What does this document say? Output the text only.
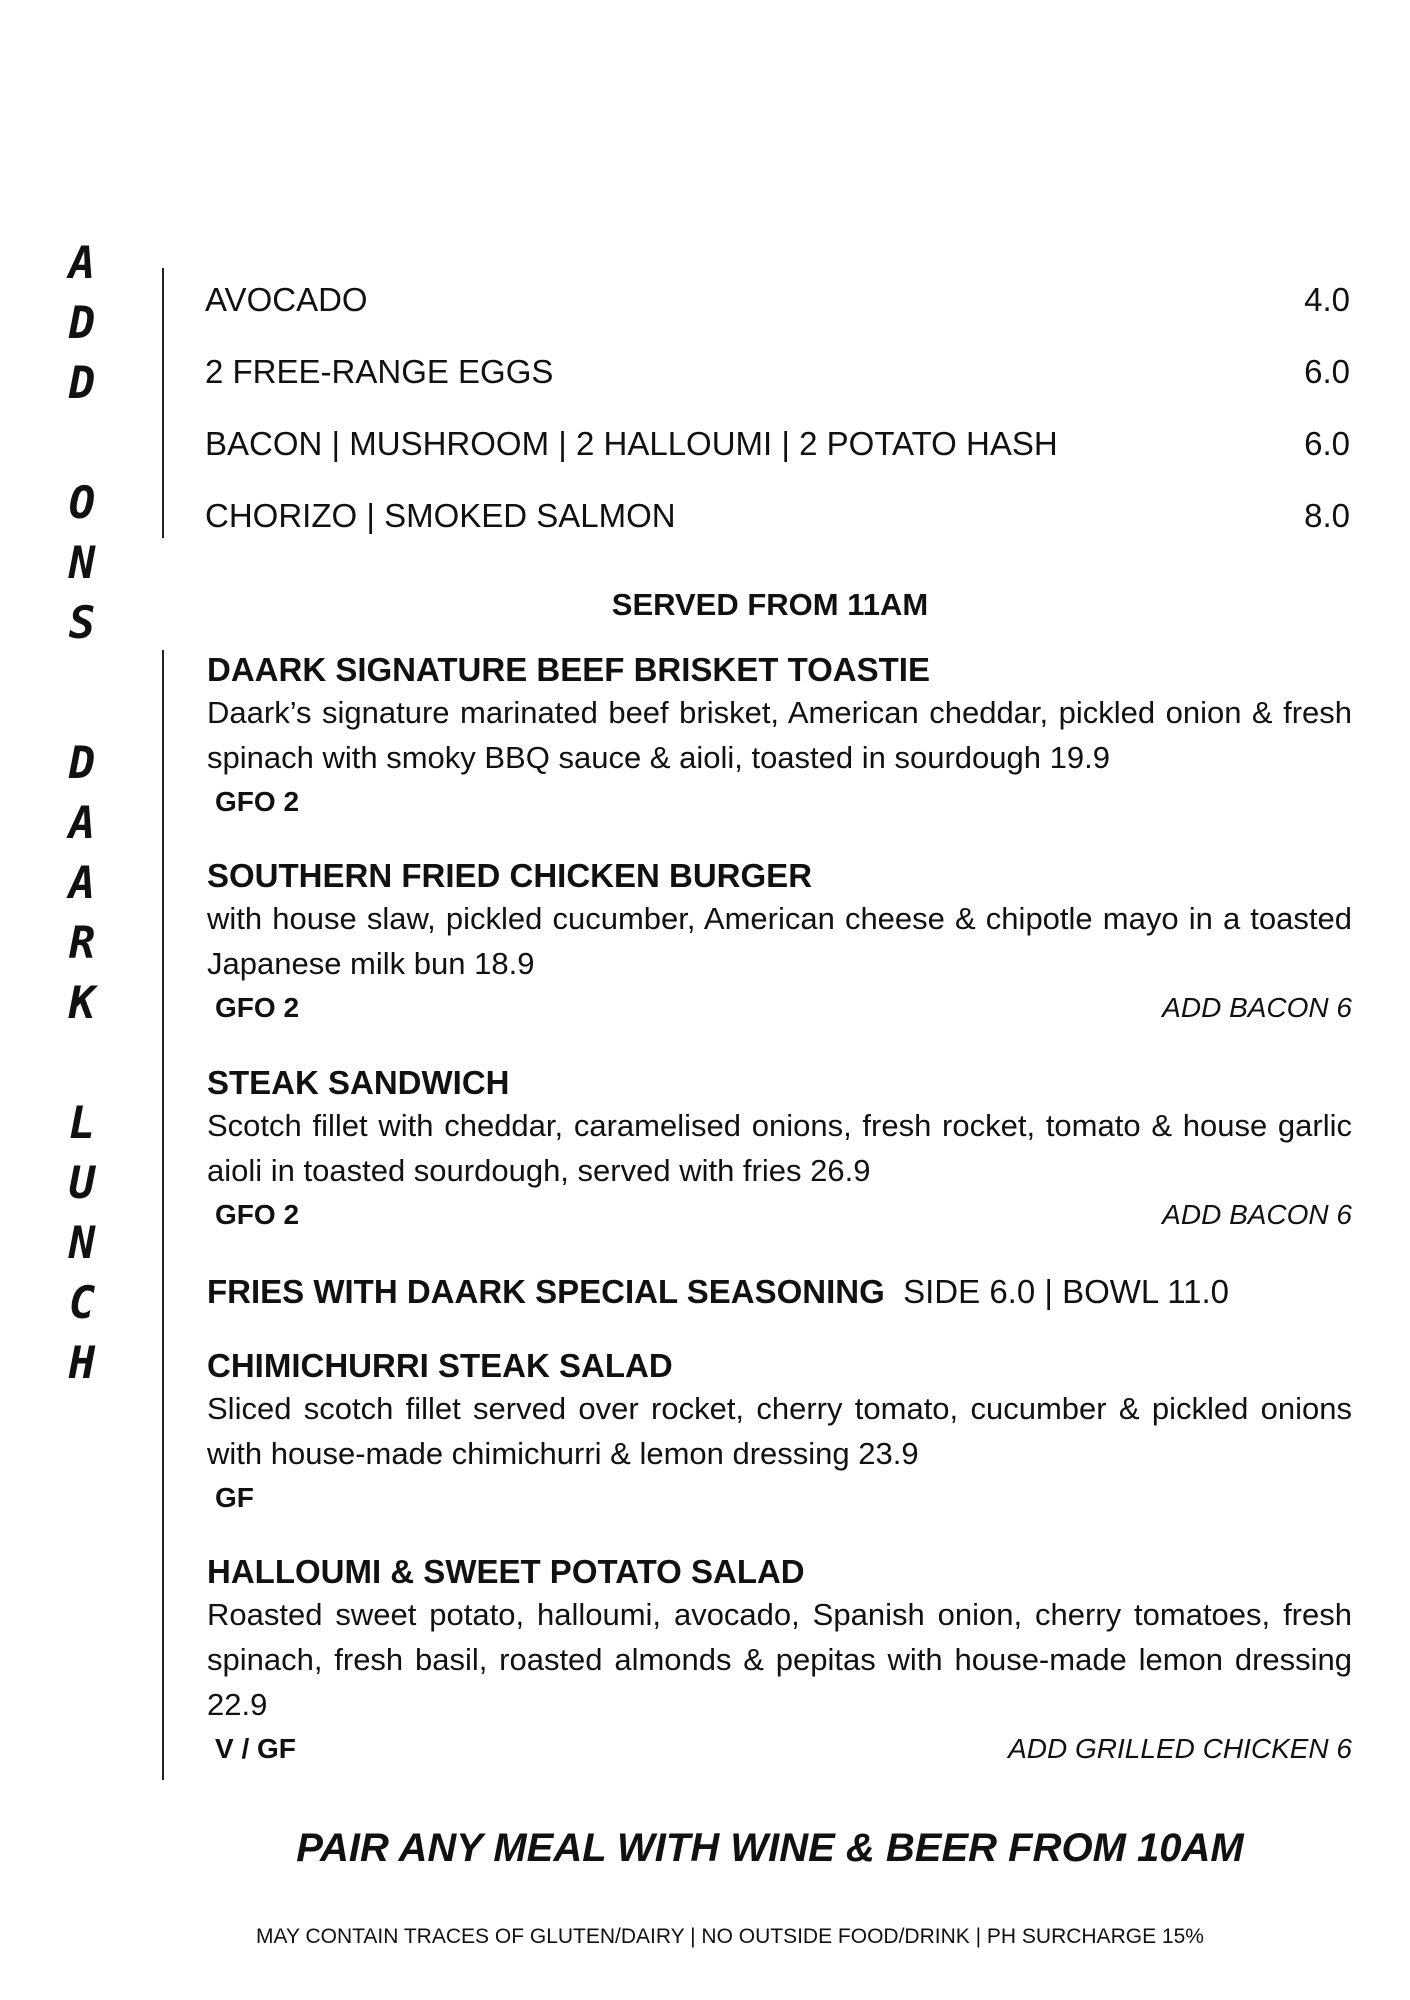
A
D
D

O
N
S
AVOCADO	4.0
2 FREE-RANGE EGGS	6.0
BACON | MUSHROOM | 2 HALLOUMI | 2 POTATO HASH	6.0
CHORIZO | SMOKED SALMON	8.0
SERVED FROM 11AM
D
A
A
R
K

L
U
N
C
H
DAARK SIGNATURE BEEF BRISKET TOASTIE
Daark’s signature marinated beef brisket, American cheddar, pickled onion & fresh spinach with smoky BBQ sauce & aioli, toasted in sourdough 19.9
GFO 2
SOUTHERN FRIED CHICKEN BURGER
with house slaw, pickled cucumber, American cheese & chipotle mayo in a toasted Japanese milk bun 18.9
GFO 2	ADD BACON 6
STEAK SANDWICH
Scotch fillet with cheddar, caramelised onions, fresh rocket, tomato & house garlic aioli in toasted sourdough, served with fries 26.9
GFO 2	ADD BACON 6
FRIES WITH DAARK SPECIAL SEASONING SIDE 6.0 | BOWL 11.0
CHIMICHURRI STEAK SALAD
Sliced scotch fillet served over rocket, cherry tomato, cucumber & pickled onions with house-made chimichurri & lemon dressing 23.9
GF
HALLOUMI & SWEET POTATO SALAD
Roasted sweet potato, halloumi, avocado, Spanish onion, cherry tomatoes, fresh spinach, fresh basil, roasted almonds & pepitas with house-made lemon dressing 22.9
V / GF	ADD GRILLED CHICKEN 6
PAIR ANY MEAL WITH WINE & BEER FROM 10AM
MAY CONTAIN TRACES OF GLUTEN/DAIRY | NO OUTSIDE FOOD/DRINK | PH SURCHARGE 15%
